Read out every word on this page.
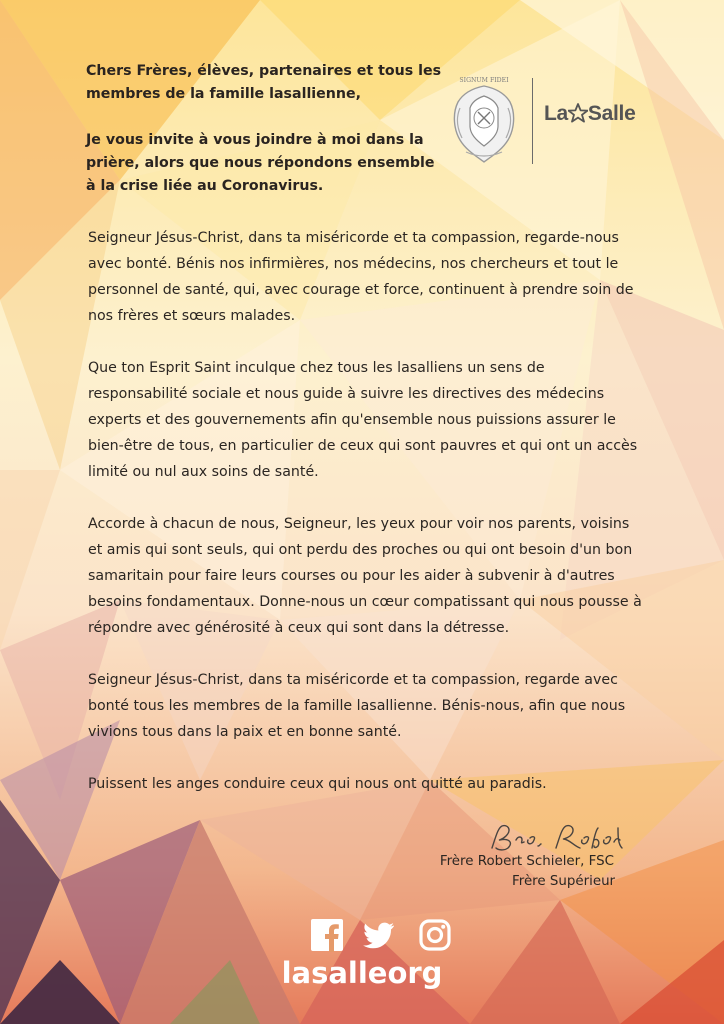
Chers Frères, élèves, partenaires et tous les membres de la famille lasallienne,

Je vous invite à vous joindre à moi dans la prière, alors que nous répondons ensemble à la crise liée au Coronavirus.

SIGNUM FIDEI
La Salle

Seigneur Jésus-Christ, dans ta miséricorde et ta compassion, regarde-nous avec bonté. Bénis nos infirmières, nos médecins, nos chercheurs et tout le personnel de santé, qui, avec courage et force, continuent à prendre soin de nos frères et sœurs malades.

Que ton Esprit Saint inculque chez tous les lasalliens un sens de responsabilité sociale et nous guide à suivre les directives des médecins experts et des gouvernements afin qu'ensemble nous puissions assurer le bien-être de tous, en particulier de ceux qui sont pauvres et qui ont un accès limité ou nul aux soins de santé.

Accorde à chacun de nous, Seigneur, les yeux pour voir nos parents, voisins et amis qui sont seuls, qui ont perdu des proches ou qui ont besoin d'un bon samaritain pour faire leurs courses ou pour les aider à subvenir à d'autres besoins fondamentaux. Donne-nous un cœur compatissant qui nous pousse à répondre avec générosité à ceux qui sont dans la détresse.

Seigneur Jésus-Christ, dans ta miséricorde et ta compassion, regarde avec bonté tous les membres de la famille lasallienne. Bénis-nous, afin que nous vivions tous dans la paix et en bonne santé.

Puissent les anges conduire ceux qui nous ont quitté au paradis.

Frère Robert Schieler, FSC
Frère Supérieur
lasalleorg
